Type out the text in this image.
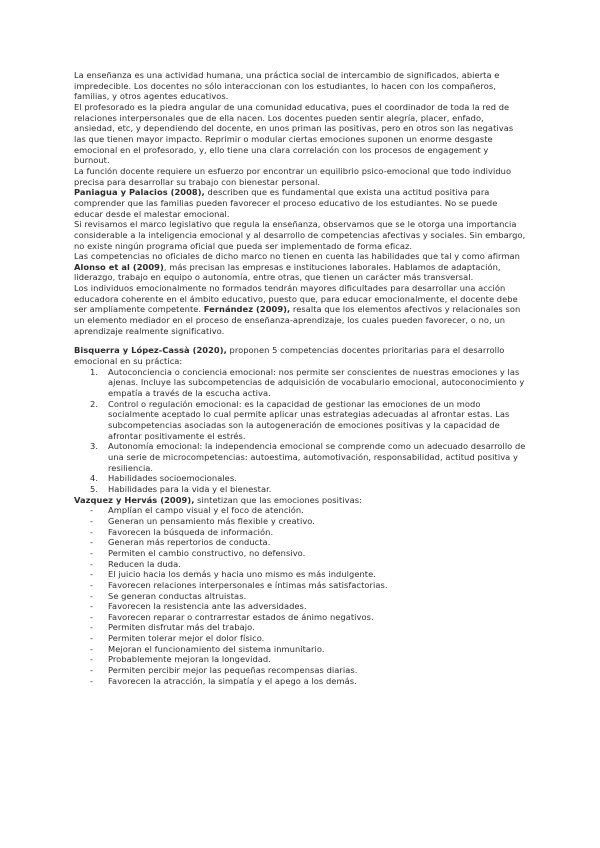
La enseñanza es una actividad humana, una práctica social de intercambio de significados, abierta e impredecible. Los docentes no sólo interaccionan con los estudiantes, lo hacen con los compañeros, familias, y otros agentes educativos.

El profesorado es la piedra angular de una comunidad educativa, pues el coordinador de toda la red de relaciones interpersonales que de ella nacen. Los docentes pueden sentir alegría, placer, enfado, ansiedad, etc, y dependiendo del docente, en unos priman las positivas, pero en otros son las negativas las que tienen mayor impacto. Reprimir o modular ciertas emociones suponen un enorme desgaste emocional en el profesorado, y, ello tiene una clara correlación con los procesos de engagement y burnout.

La función docente requiere un esfuerzo por encontrar un equilibrio psico-emocional que todo individuo precisa para desarrollar su trabajo con bienestar personal.

Paniagua y Palacios (2008), describen que es fundamental que exista una actitud positiva para comprender que las familias pueden favorecer el proceso educativo de los estudiantes. No se puede educar desde el malestar emocional.

Si revisamos el marco legislativo que regula la enseñanza, observamos que se le otorga una importancia considerable a la inteligencia emocional y al desarrollo de competencias afectivas y sociales. Sin embargo, no existe ningún programa oficial que pueda ser implementado de forma eficaz.

Las competencias no oficiales de dicho marco no tienen en cuenta las habilidades que tal y como afirman Alonso et al (2009), más precisan las empresas e instituciones laborales. Hablamos de adaptación, liderazgo, trabajo en equipo o autonomía, entre otras, que tienen un carácter más transversal.

Los individuos emocionalmente no formados tendrán mayores dificultades para desarrollar una acción educadora coherente en el ámbito educativo, puesto que, para educar emocionalmente, el docente debe ser ampliamente competente. Fernández (2009), resalta que los elementos afectivos y relacionales son un elemento mediador en el proceso de enseñanza-aprendizaje, los cuales pueden favorecer, o no, un aprendizaje realmente significativo.

Bisquerra y López-Cassà (2020), proponen 5 competencias docentes prioritarias para el desarrollo emocional en su práctica:

1. Autoconciencia o conciencia emocional: nos permite ser conscientes de nuestras emociones y las ajenas. Incluye las subcompetencias de adquisición de vocabulario emocional, autoconocimiento y empatía a través de la escucha activa.
2. Control o regulación emocional: es la capacidad de gestionar las emociones de un modo socialmente aceptado lo cual permite aplicar unas estrategias adecuadas al afrontar estas. Las subcompetencias asociadas son la autogeneración de emociones positivas y la capacidad de afrontar positivamente el estrés.
3. Autonomía emocional: la independencia emocional se comprende como un adecuado desarrollo de una serie de microcompetencias: autoestima, automotivación, responsabilidad, actitud positiva y resiliencia.
4. Habilidades socioemocionales.
5. Habilidades para la vida y el bienestar.

Vazquez y Hervás (2009), sintetizan que las emociones positivas:

- Amplían el campo visual y el foco de atención.
- Generan un pensamiento más flexible y creativo.
- Favorecen la búsqueda de información.
- Generan más repertorios de conducta.
- Permiten el cambio constructivo, no defensivo.
- Reducen la duda.
- El juicio hacia los demás y hacia uno mismo es más indulgente.
- Favorecen relaciones interpersonales e íntimas más satisfactorias.
- Se generan conductas altruistas.
- Favorecen la resistencia ante las adversidades.
- Favorecen reparar o contrarrestar estados de ánimo negativos.
- Permiten disfrutar más del trabajo.
- Permiten tolerar mejor el dolor físico.
- Mejoran el funcionamiento del sistema inmunitario.
- Probablemente mejoran la longevidad.
- Permiten percibir mejor las pequeñas recompensas diarias.
- Favorecen la atracción, la simpatía y el apego a los demás.
